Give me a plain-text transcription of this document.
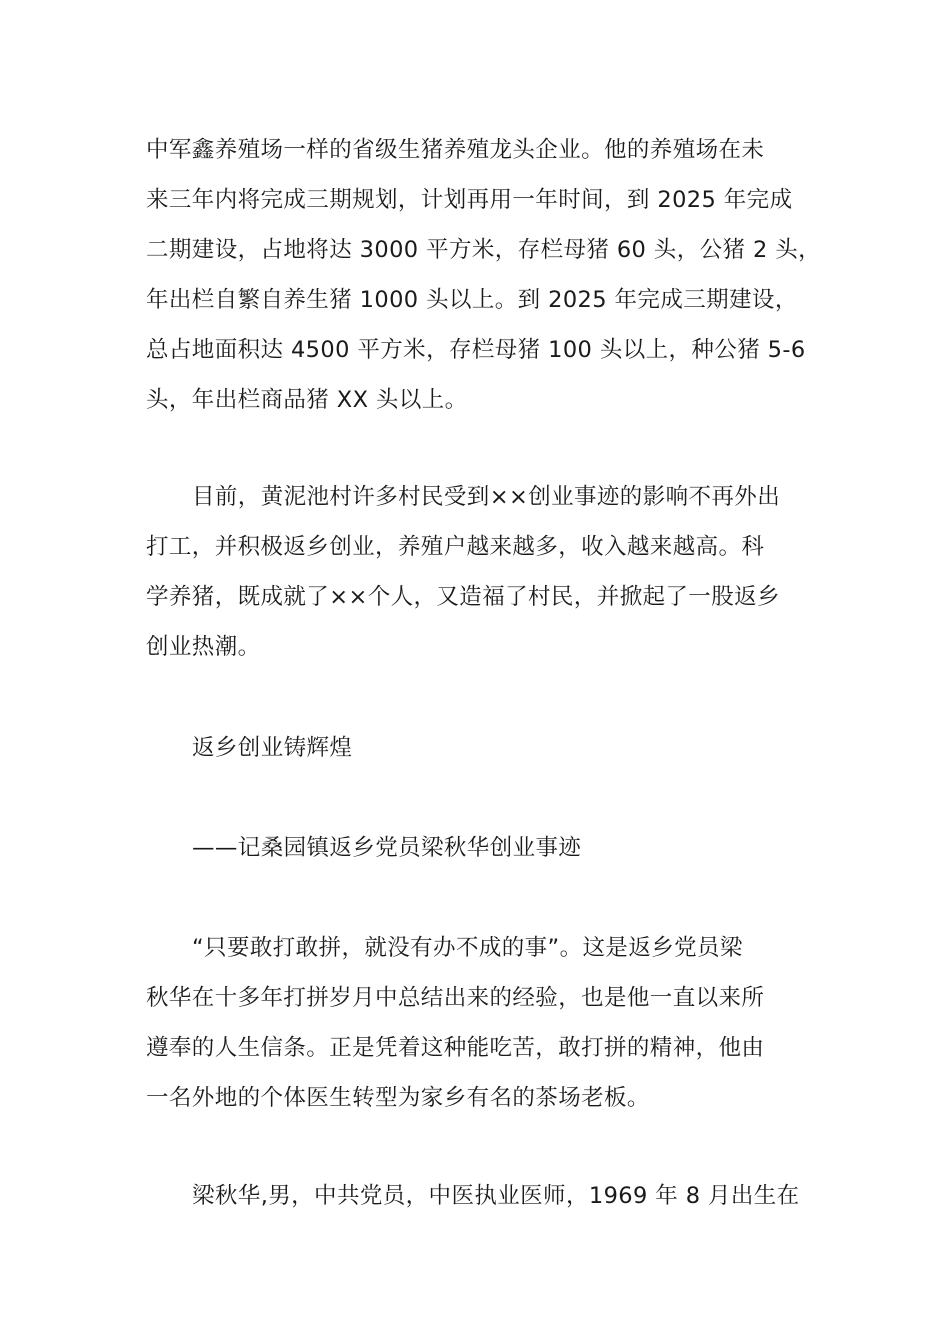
中军鑫养殖场一样的省级生猪养殖龙头企业。他的养殖场在未
来三年内将完成三期规划，计划再用一年时间，到 2025 年完成
二期建设，占地将达 3000 平方米，存栏母猪 60 头，公猪 2 头，
年出栏自繁自养生猪 1000 头以上。到 2025 年完成三期建设，
总占地面积达 4500 平方米，存栏母猪 100 头以上，种公猪 5-6
头，年出栏商品猪 XX 头以上。
目前，黄泥池村许多村民受到××创业事迹的影响不再外出
打工，并积极返乡创业，养殖户越来越多，收入越来越高。科
学养猪，既成就了××个人，又造福了村民，并掀起了一股返乡
创业热潮。
返乡创业铸辉煌
——记桑园镇返乡党员梁秋华创业事迹
“只要敢打敢拼，就没有办不成的事”。这是返乡党员梁
秋华在十多年打拼岁月中总结出来的经验，也是他一直以来所
遵奉的人生信条。正是凭着这种能吃苦，敢打拼的精神，他由
一名外地的个体医生转型为家乡有名的茶场老板。
梁秋华,男，中共党员，中医执业医师，1969 年 8 月出生在
